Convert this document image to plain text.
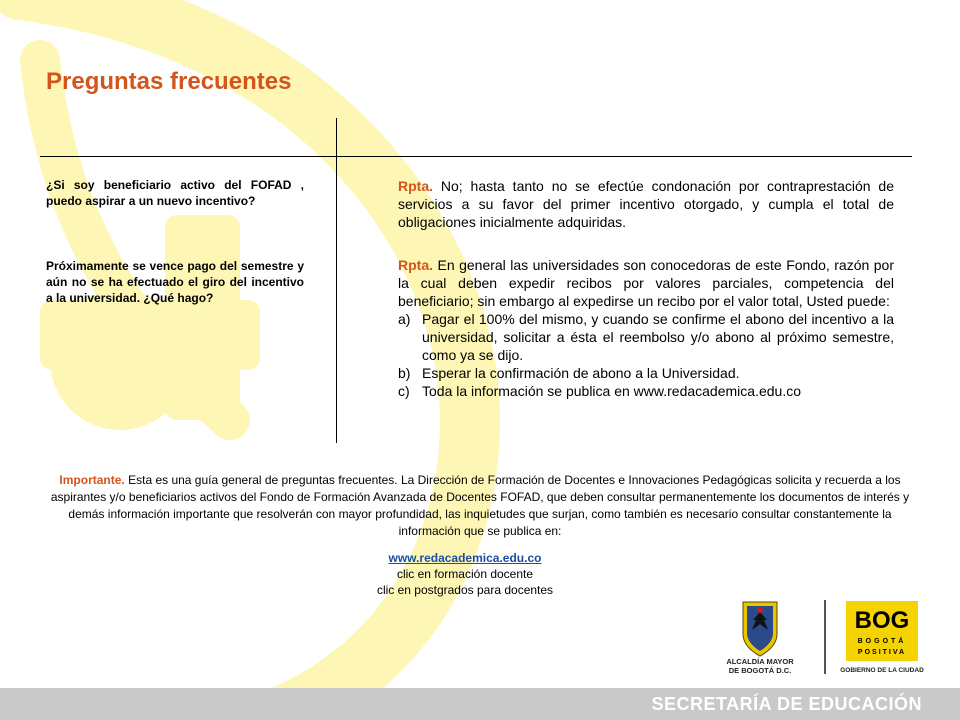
Preguntas frecuentes
¿Si soy beneficiario activo del FOFAD , puedo aspirar a un nuevo incentivo?
Próximamente se vence pago del semestre y aún no se ha efectuado el giro del incentivo a la universidad. ¿Qué hago?
Rpta. No; hasta tanto no se efectúe condonación por contraprestación de servicios a su favor del primer incentivo otorgado, y cumpla el total de obligaciones inicialmente adquiridas.
Rpta. En general las universidades son conocedoras de este Fondo, razón por la cual deben expedir recibos por valores parciales, competencia del beneficiario; sin embargo al expedirse un recibo por el valor total, Usted puede:
a) Pagar el 100% del mismo, y cuando se confirme el abono del incentivo a la universidad, solicitar a ésta el reembolso y/o abono al próximo semestre, como ya se dijo.
b) Esperar la confirmación de abono a la Universidad.
c) Toda la información se publica en www.redacademica.edu.co
Importante. Esta es una guía general de preguntas frecuentes. La Dirección de Formación de Docentes e Innovaciones Pedagógicas solicita y recuerda a los aspirantes y/o beneficiarios activos del Fondo de Formación Avanzada de Docentes FOFAD, que deben consultar permanentemente los documentos de interés y demás información importante que resolverán con mayor profundidad, las inquietudes que surjan, como también es necesario consultar constantemente la información que se publica en:
www.redacademica.edu.co
clic en formación docente
clic en postgrados para docentes
ALCALDÍA MAYOR
DE BOGOTÁ D.C.
BOG
BOGOTÁ
POSITIVA
GOBIERNO DE LA CIUDAD
SECRETARÍA DE EDUCACIÓN
